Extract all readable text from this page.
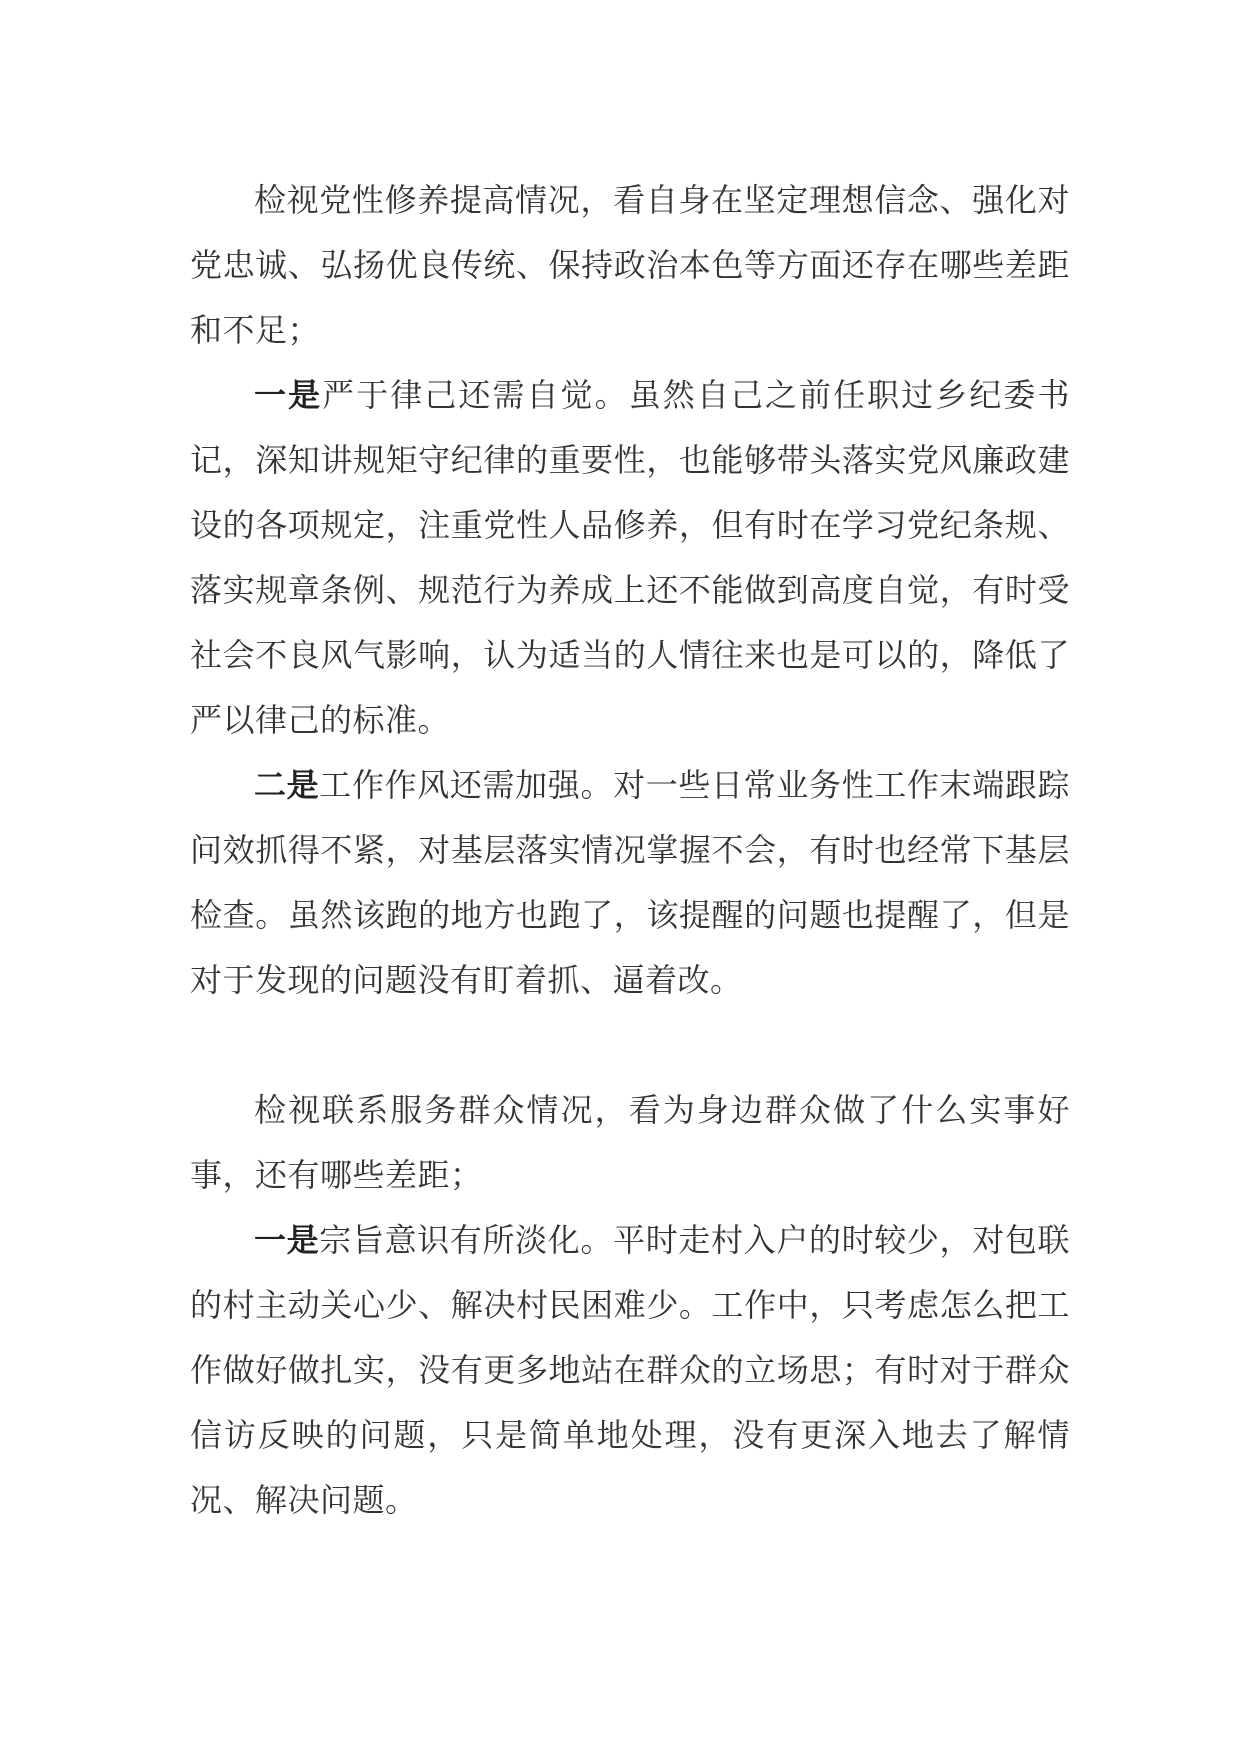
检视党性修养提高情况，看自身在坚定理想信念、强化对党忠诚、弘扬优良传统、保持政治本色等方面还存在哪些差距和不足；

一是严于律己还需自觉。虽然自己之前任职过乡纪委书记，深知讲规矩守纪律的重要性，也能够带头落实党风廉政建设的各项规定，注重党性人品修养，但有时在学习党纪条规、落实规章条例、规范行为养成上还不能做到高度自觉，有时受社会不良风气影响，认为适当的人情往来也是可以的，降低了严以律己的标准。

二是工作作风还需加强。对一些日常业务性工作末端跟踪问效抓得不紧，对基层落实情况掌握不会，有时也经常下基层检查。虽然该跑的地方也跑了，该提醒的问题也提醒了，但是对于发现的问题没有盯着抓、逼着改。

检视联系服务群众情况，看为身边群众做了什么实事好事，还有哪些差距；

一是宗旨意识有所淡化。平时走村入户的时较少，对包联的村主动关心少、解决村民困难少。工作中，只考虑怎么把工作做好做扎实，没有更多地站在群众的立场思；有时对于群众信访反映的问题，只是简单地处理，没有更深入地去了解情况、解决问题。
